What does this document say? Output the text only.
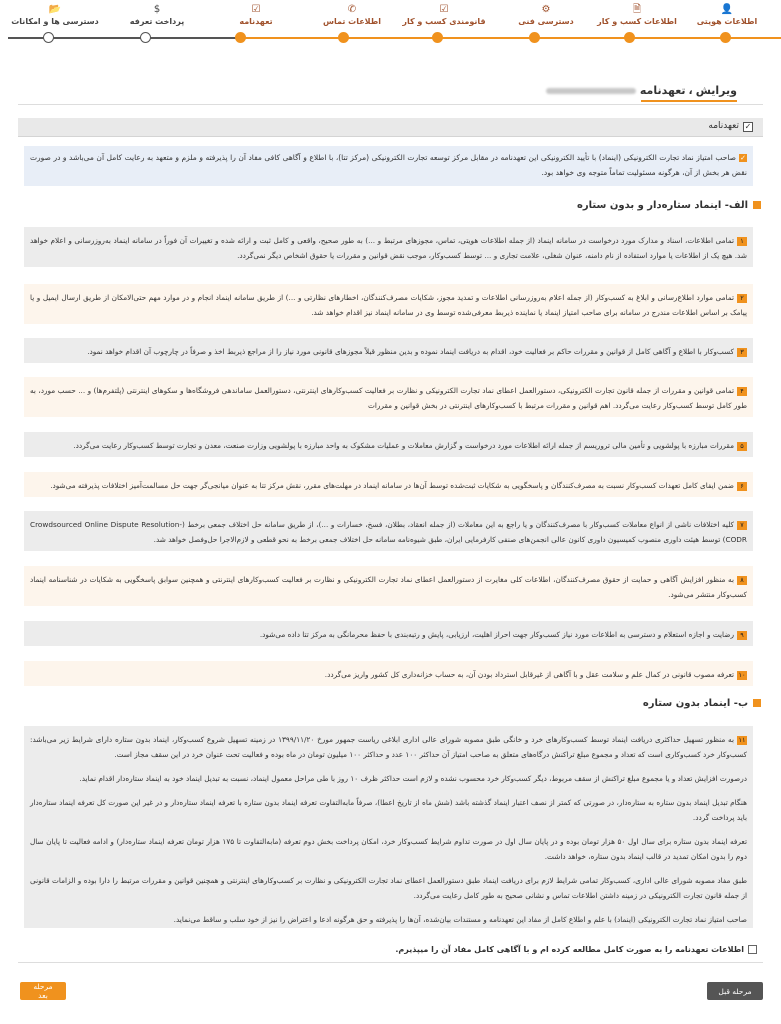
👤
اطلاعات هویتی
🗎
اطلاعات کسب و کار
⚙
دسترسی فنی
☑
قانومندی کسب و کار
✆
اطلاعات تماس
☑
تعهدنامه
$
پرداخت تعرفه
📂
دسترسی ها و امکانات
ویرایش،تعهدنامه
✓
تعهدنامه
✓صاحب امتیاز نماد تجارت الکترونیکی (اینماد) با تأیید الکترونیکی این تعهدنامه در مقابل مرکز توسعه تجارت الکترونیکی (مرکز تتا)، با اطلاع و آگاهی کافی مفاد آن را پذیرفته و ملزم و متعهد به رعایت کامل آن می‌باشد و در صورت نقض هر بخش از آن، هرگونه مسئولیت تماماً متوجه وی خواهد بود.
الف- اینماد ستاره‌دار و بدون ستاره
۱تمامی اطلاعات، اسناد و مدارک مورد درخواست در سامانه اینماد (از جمله اطلاعات هویتی، تماس، مجوزهای مرتبط و ...) به طور صحیح، واقعی و کامل ثبت و ارائه شده و تغییرات آن فوراً در سامانه اینماد به‌روزرسانی و اعلام خواهد شد. هیچ یک از اطلاعات یا موارد استفاده از نام دامنه، عنوان شغلی، علامت تجاری و ... توسط کسب‌وکار، موجب نقض قوانین و مقررات یا حقوق اشخاص دیگر نمی‌گردد.
۲تمامی موارد اطلاع‌رسانی و ابلاغ به کسب‌وکار (از جمله اعلام به‌روزرسانی اطلاعات و تمدید مجوز، شکایات مصرف‌کنندگان، اخطارهای نظارتی و ...) از طریق سامانه اینماد انجام و در موارد مهم حتی‌الامکان از طریق ارسال ایمیل و یا پیامک بر اساس اطلاعات مندرج در سامانه برای صاحب امتیاز اینماد یا نماینده ذیربط معرفی‌شده توسط وی در سامانه اینماد نیز اقدام خواهد شد.
۳کسب‌وکار با اطلاع و آگاهی کامل از قوانین و مقررات حاکم بر فعالیت خود، اقدام به دریافت اینماد نموده و بدین منظور قبلاً مجوزهای قانونی مورد نیاز را از مراجع ذیربط اخذ و صرفاً در چارچوب آن اقدام خواهد نمود.
۴تمامی قوانین و مقررات از جمله قانون تجارت الکترونیکی، دستورالعمل اعطای نماد تجارت الکترونیکی و نظارت بر فعالیت کسب‌وکارهای اینترنتی، دستورالعمل ساماندهی فروشگاه‌ها و سکوهای اینترنتی (پلتفرم‌ها) و ... حسب مورد، به طور کامل توسط کسب‌وکار رعایت می‌گردد. اهم قوانین و مقررات مرتبط با کسب‌وکارهای اینترنتی در بخش قوانین و مقررات
۵مقررات مبارزه با پولشویی و تأمین مالی تروریسم از جمله ارائه اطلاعات مورد درخواست و گزارش معاملات و عملیات مشکوک به واحد مبارزه با پولشویی وزارت صنعت، معدن و تجارت توسط کسب‌وکار رعایت می‌گردد.
۶ضمن ایفای کامل تعهدات کسب‌وکار نسبت به مصرف‌کنندگان و پاسخگویی به شکایات ثبت‌شده توسط آن‌ها در سامانه اینماد در مهلت‌های مقرر، نقش مرکز تتا به عنوان میانجی‌گر جهت حل مسالمت‌آمیز اختلافات پذیرفته می‌شود.
۷کلیه اختلافات ناشی از انواع معاملات کسب‌وکار با مصرف‌کنندگان و یا راجع به این معاملات (از جمله انعقاد، بطلان، فسخ، خسارات و ...)، از طریق سامانه حل اختلاف جمعی برخط (Crowdsourced Online Dispute Resolution-CODR) توسط هیئت داوری منصوب کمیسیون داوری کانون عالی انجمن‌های صنفی کارفرمایی ایران، طبق شیوه‌نامه سامانه حل اختلاف جمعی برخط به نحو قطعی و لازم‌الاجرا حل‌وفصل خواهد شد.
۸به منظور افزایش آگاهی و حمایت از حقوق مصرف‌کنندگان، اطلاعات کلی مغایرت از دستورالعمل اعطای نماد تجارت الکترونیکی و نظارت بر فعالیت کسب‌وکارهای اینترنتی و همچنین سوابق پاسخگویی به شکایات در شناسنامه اینماد کسب‌وکار منتشر می‌شود.
۹رضایت و اجازه استعلام و دسترسی به اطلاعات مورد نیاز کسب‌وکار جهت احراز اهلیت، ارزیابی، پایش و رتبه‌بندی با حفظ محرمانگی به مرکز تتا داده می‌شود.
۱۰تعرفه مصوب قانونی در کمال علم و سلامت عقل و با آگاهی از غیرقابل استرداد بودن آن، به حساب خزانه‌داری کل کشور واریز می‌گردد.
ب- اینماد بدون ستاره

۱۱به منظور تسهیل حداکثری دریافت اینماد توسط کسب‌وکارهای خرد و خانگی طبق مصوبه شورای عالی اداری ابلاغی ریاست جمهور مورخ ۱۳۹۹/۱۱/۲۰ در زمینه تسهیل شروع کسب‌وکار، اینماد بدون ستاره دارای شرایط زیر می‌باشد: کسب‌وکار خرد کسب‌وکاری است که تعداد و مجموع مبلغ تراکنش درگاه‌های متعلق به صاحب امتیاز آن حداکثر ۱۰۰ عدد و حداکثر ۱۰۰ میلیون تومان در ماه بوده و فعالیت تحت عنوان خرد در این سقف مجاز است.

درصورت افزایش تعداد و یا مجموع مبلغ تراکنش از سقف مربوط، دیگر کسب‌وکار خرد محسوب نشده و لازم است حداکثر ظرف ۱۰ روز با طی مراحل معمول اینماد، نسبت به تبدیل اینماد خود به اینماد ستاره‌دار اقدام نماید.

هنگام تبدیل اینماد بدون ستاره به ستاره‌دار، در صورتی که کمتر از نصف اعتبار اینماد گذشته باشد (شش ماه از تاریخ اعطا)، صرفاً مابه‌التفاوت تعرفه اینماد بدون ستاره با تعرفه اینماد ستاره‌دار و در غیر این صورت کل تعرفه اینماد ستاره‌دار باید پرداخت گردد.

تعرفه اینماد بدون ستاره برای سال اول ۵۰ هزار تومان بوده و در پایان سال اول در صورت تداوم شرایط کسب‌وکار خرد، امکان پرداخت بخش دوم تعرفه (مابه‌التفاوت تا ۱۷۵ هزار تومان تعرفه اینماد ستاره‌دار) و ادامه فعالیت تا پایان سال دوم را بدون امکان تمدید در قالب اینماد بدون ستاره، خواهد داشت.

طبق مفاد مصوبه شورای عالی اداری، کسب‌وکار تمامی شرایط لازم برای دریافت اینماد طبق دستورالعمل اعطای نماد تجارت الکترونیکی و نظارت بر کسب‌وکارهای اینترنتی و همچنین قوانین و مقررات مرتبط را دارا بوده و الزامات قانونی از جمله قانون تجارت الکترونیکی در زمینه داشتن اطلاعات تماس و نشانی صحیح به طور کامل رعایت می‌گردد.

صاحب امتیاز نماد تجارت الکترونیکی (اینماد) با علم و اطلاع کامل از مفاد این تعهدنامه و مستندات بیان‌شده، آن‌ها را پذیرفته و حق هرگونه ادعا و اعتراض را نیز از خود سلب و ساقط می‌نماید.

اطلاعات تعهدنامه را به صورت کامل مطالعه کرده ام و با آگاهی کامل مفاد آن را میپذیرم.
مرحله بعد	مرحله قبل
